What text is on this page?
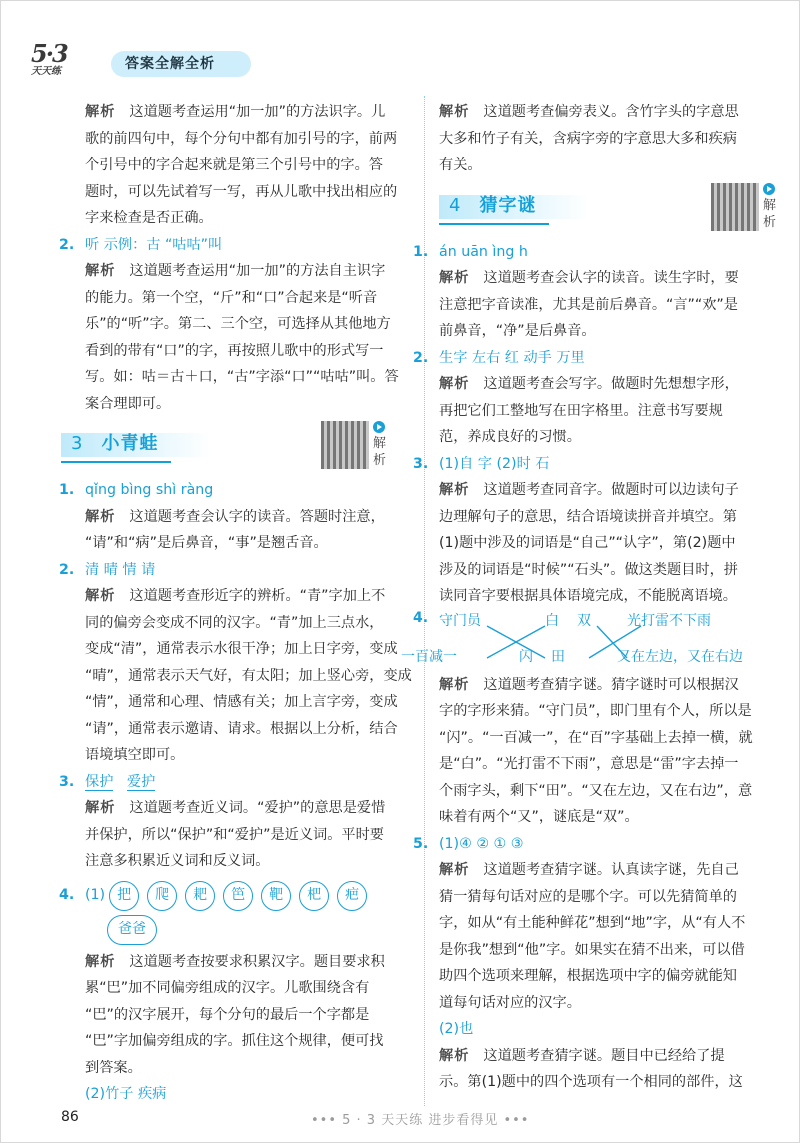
5·3
天天练	答案全解全析
解析 这道题考查运用“加一加”的方法识字。儿
歌的前四句中，每个分句中都有加引号的字，前两
个引号中的字合起来就是第三个引号中的字。答
题时，可以先试着写一写，再从儿歌中找出相应的
字来检查是否正确。
2. 听 示例：古 “咕咕”叫
解析 这道题考查运用“加一加”的方法自主识字
的能力。第一个空，“斤”和“口”合起来是“听音
乐”的“听”字。第二、三个空，可选择从其他地方
看到的带有“口”的字，再按照儿歌中的形式写一
写。如：咕＝古＋口，“古”字添“口”“咕咕”叫。答
案合理即可。
3 小青蛙	解析
1. qǐng bìng shì ràng
解析 这道题考查会认字的读音。答题时注意，
“请”和“病”是后鼻音，“事”是翘舌音。
2. 清 晴 情 请
解析 这道题考查形近字的辨析。“青”字加上不
同的偏旁会变成不同的汉字。“青”加上三点水，
变成“清”，通常表示水很干净；加上日字旁，变成
“晴”，通常表示天气好，有太阳；加上竖心旁，变成
“情”，通常和心理、情感有关；加上言字旁，变成
“请”，通常表示邀请、请求。根据以上分析，结合
语境填空即可。
3. 保护 爱护
解析 这道题考查近义词。“爱护”的意思是爱惜
并保护，所以“保护”和“爱护”是近义词。平时要
注意多积累近义词和反义词。
4. (1) 把 爬 耙 笆 靶 杷 疤
爸爸
解析 这道题考查按要求积累汉字。题目要求积
累“巴”加不同偏旁组成的汉字。儿歌围绕含有
“巴”的汉字展开，每个分句的最后一个字都是
“巴”字加偏旁组成的字。抓住这个规律，便可找
到答案。
(2)竹子 疾病
解析 这道题考查偏旁表义。含竹字头的字意思
大多和竹子有关，含病字旁的字意思大多和疾病
有关。
4 猜字谜	解析
1. án uān ìng h
解析 这道题考查会认字的读音。读生字时，要
注意把字音读准，尤其是前后鼻音。“言”“欢”是
前鼻音，“净”是后鼻音。
2. 生字 左右 红 动手 万里
解析 这道题考查会写字。做题时先想想字形，
再把它们工整地写在田字格里。注意书写要规
范，养成良好的习惯。
3. (1)自 字 (2)时 石
解析 这道题考查同音字。做题时可以边读句子
边理解句子的意思，结合语境读拼音并填空。第
(1)题中涉及的词语是“自己”“认字”，第(2)题中
涉及的词语是“时候”“石头”。做这类题目时，拼
读同音字要根据具体语境完成，不能脱离语境。
4. 守门员	白 双	光打雷不下雨
一百减一	闪 田	又在左边，又在右边
解析 这道题考查猜字谜。猜字谜时可以根据汉
字的字形来猜。“守门员”，即门里有个人，所以是
“闪”。“一百减一”，在“百”字基础上去掉一横，就
是“白”。“光打雷不下雨”，意思是“雷”字去掉一
个雨字头，剩下“田”。“又在左边，又在右边”，意
味着有两个“又”，谜底是“双”。
5. (1)④ ② ① ③
解析 这道题考查猜字谜。认真读字谜，先自己
猜一猜每句话对应的是哪个字。可以先猜简单的
字，如从“有土能种鲜花”想到“地”字，从“有人不
是你我”想到“他”字。如果实在猜不出来，可以借
助四个选项来理解，根据选项中字的偏旁就能知
道每句话对应的汉字。
(2)也
解析 这道题考查猜字谜。题目中已经给了提
示。第(1)题中的四个选项有一个相同的部件，这
86	••• 5 · 3 天天练 进步看得见 •••
